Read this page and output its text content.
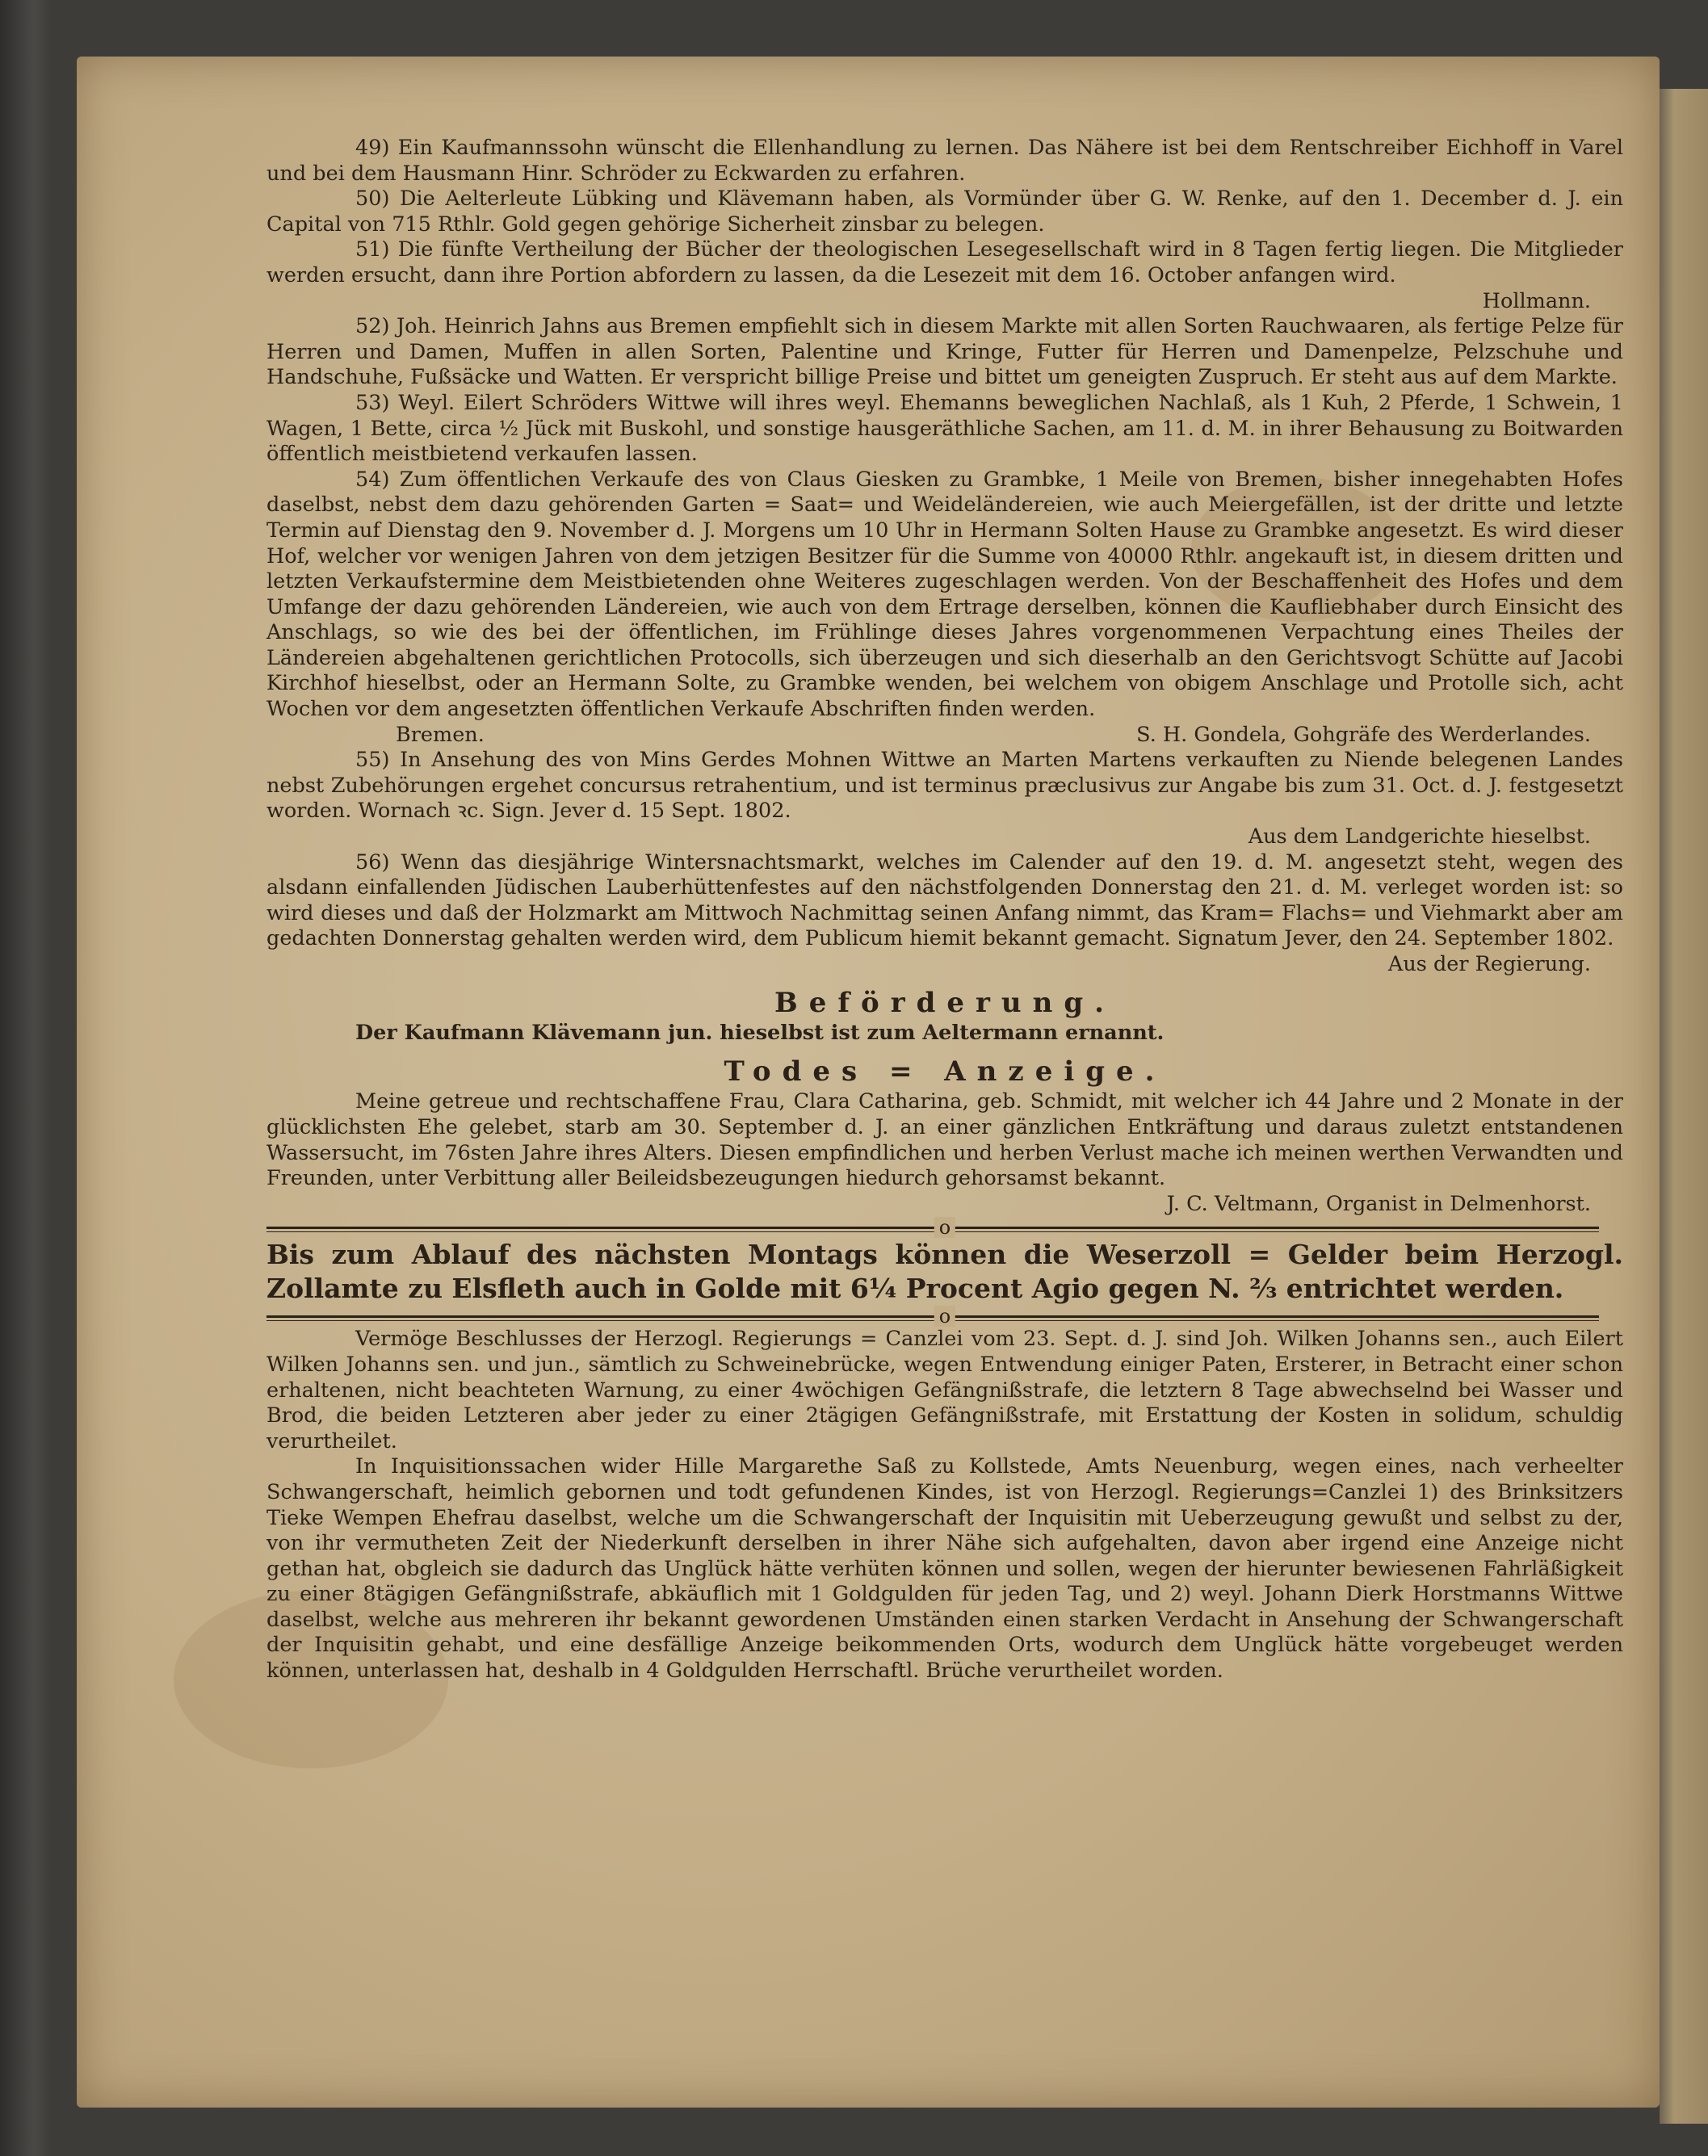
49) Ein Kaufmannssohn wünscht die Ellenhandlung zu lernen. Das Nähere ist bei dem Rentschreiber Eichhoff in Varel und bei dem Hausmann Hinr. Schröder zu Eckwarden zu erfahren.

50) Die Aelterleute Lübking und Klävemann haben, als Vormünder über G. W. Renke, auf den 1. December d. J. ein Capital von 715 Rthlr. Gold gegen gehörige Sicherheit zinsbar zu belegen.

51) Die fünfte Vertheilung der Bücher der theologischen Lesegesellschaft wird in 8 Tagen fertig liegen. Die Mitglieder werden ersucht, dann ihre Portion abfordern zu lassen, da die Lesezeit mit dem 16. October anfangen wird.

Hollmann.

52) Joh. Heinrich Jahns aus Bremen empfiehlt sich in diesem Markte mit allen Sorten Rauchwaaren, als fertige Pelze für Herren und Damen, Muffen in allen Sorten, Palentine und Kringe, Futter für Herren und Damenpelze, Pelzschuhe und Handschuhe, Fußsäcke und Watten. Er verspricht billige Preise und bittet um geneigten Zuspruch. Er steht aus auf dem Markte.

53) Weyl. Eilert Schröders Wittwe will ihres weyl. Ehemanns beweglichen Nachlaß, als 1 Kuh, 2 Pferde, 1 Schwein, 1 Wagen, 1 Bette, circa ½ Jück mit Buskohl, und sonstige hausgeräthliche Sachen, am 11. d. M. in ihrer Behausung zu Boitwarden öffentlich meistbietend verkaufen lassen.

54) Zum öffentlichen Verkaufe des von Claus Giesken zu Grambke, 1 Meile von Bremen, bisher innegehabten Hofes daselbst, nebst dem dazu gehörenden Garten = Saat= und Weideländereien, wie auch Meiergefällen, ist der dritte und letzte Termin auf Dienstag den 9. November d. J. Morgens um 10 Uhr in Hermann Solten Hause zu Grambke angesetzt. Es wird dieser Hof, welcher vor wenigen Jahren von dem jetzigen Besitzer für die Summe von 40000 Rthlr. angekauft ist, in diesem dritten und letzten Verkaufstermine dem Meistbietenden ohne Weiteres zugeschlagen werden. Von der Beschaffenheit des Hofes und dem Umfange der dazu gehörenden Ländereien, wie auch von dem Ertrage derselben, können die Kaufliebhaber durch Einsicht des Anschlags, so wie des bei der öffentlichen, im Frühlinge dieses Jahres vorgenommenen Verpachtung eines Theiles der Ländereien abgehaltenen gerichtlichen Protocolls, sich überzeugen und sich dieserhalb an den Gerichtsvogt Schütte auf Jacobi Kirchhof hieselbst, oder an Hermann Solte, zu Grambke wenden, bei welchem von obigem Anschlage und Protolle sich, acht Wochen vor dem angesetzten öffentlichen Verkaufe Abschriften finden werden.

Bremen.	S. H. Gondela, Gohgräfe des Werderlandes.

55) In Ansehung des von Mins Gerdes Mohnen Wittwe an Marten Martens verkauften zu Niende belegenen Landes nebst Zubehörungen ergehet concursus retrahentium, und ist terminus præclusivus zur Angabe bis zum 31. Oct. d. J. festgesetzt worden. Wornach ꝛc. Sign. Jever d. 15 Sept. 1802.

Aus dem Landgerichte hieselbst.

56) Wenn das diesjährige Wintersnachtsmarkt, welches im Calender auf den 19. d. M. angesetzt steht, wegen des alsdann einfallenden Jüdischen Lauberhüttenfestes auf den nächstfolgenden Donnerstag den 21. d. M. verleget worden ist: so wird dieses und daß der Holzmarkt am Mittwoch Nachmittag seinen Anfang nimmt, das Kram= Flachs= und Viehmarkt aber am gedachten Donnerstag gehalten werden wird, dem Publicum hiemit bekannt gemacht. Signatum Jever, den 24. September 1802.

Aus der Regierung.

Beförderung.

Der Kaufmann Klävemann jun. hieselbst ist zum Aeltermann ernannt.

Todes = Anzeige.

Meine getreue und rechtschaffene Frau, Clara Catharina, geb. Schmidt, mit welcher ich 44 Jahre und 2 Monate in der glücklichsten Ehe gelebet, starb am 30. September d. J. an einer gänzlichen Entkräftung und daraus zuletzt entstandenen Wassersucht, im 76sten Jahre ihres Alters. Diesen empfindlichen und herben Verlust mache ich meinen werthen Verwandten und Freunden, unter Verbittung aller Beileidsbezeugungen hiedurch gehorsamst bekannt.

J. C. Veltmann, Organist in Delmenhorst.

o

Bis zum Ablauf des nächsten Montags können die Weserzoll = Gelder beim Herzogl. Zollamte zu Elsfleth auch in Golde mit 6¼ Procent Agio gegen N. ⅔ entrichtet werden.

o

Vermöge Beschlusses der Herzogl. Regierungs = Canzlei vom 23. Sept. d. J. sind Joh. Wilken Johanns sen., auch Eilert Wilken Johanns sen. und jun., sämtlich zu Schweinebrücke, wegen Entwendung einiger Paten, Ersterer, in Betracht einer schon erhaltenen, nicht beachteten Warnung, zu einer 4wöchigen Gefängnißstrafe, die letztern 8 Tage abwechselnd bei Wasser und Brod, die beiden Letzteren aber jeder zu einer 2tägigen Gefängnißstrafe, mit Erstattung der Kosten in solidum, schuldig verurtheilet.

In Inquisitionssachen wider Hille Margarethe Saß zu Kollstede, Amts Neuenburg, wegen eines, nach verheelter Schwangerschaft, heimlich gebornen und todt gefundenen Kindes, ist von Herzogl. Regierungs=Canzlei 1) des Brinksitzers Tieke Wempen Ehefrau daselbst, welche um die Schwangerschaft der Inquisitin mit Ueberzeugung gewußt und selbst zu der, von ihr vermutheten Zeit der Niederkunft derselben in ihrer Nähe sich aufgehalten, davon aber irgend eine Anzeige nicht gethan hat, obgleich sie dadurch das Unglück hätte verhüten können und sollen, wegen der hierunter bewiesenen Fahrläßigkeit zu einer 8tägigen Gefängnißstrafe, abkäuflich mit 1 Goldgulden für jeden Tag, und 2) weyl. Johann Dierk Horstmanns Wittwe daselbst, welche aus mehreren ihr bekannt gewordenen Umständen einen starken Verdacht in Ansehung der Schwangerschaft der Inquisitin gehabt, und eine desfällige Anzeige beikommenden Orts, wodurch dem Unglück hätte vorgebeuget werden können, unterlassen hat, deshalb in 4 Goldgulden Herrschaftl. Brüche verurtheilet worden.
